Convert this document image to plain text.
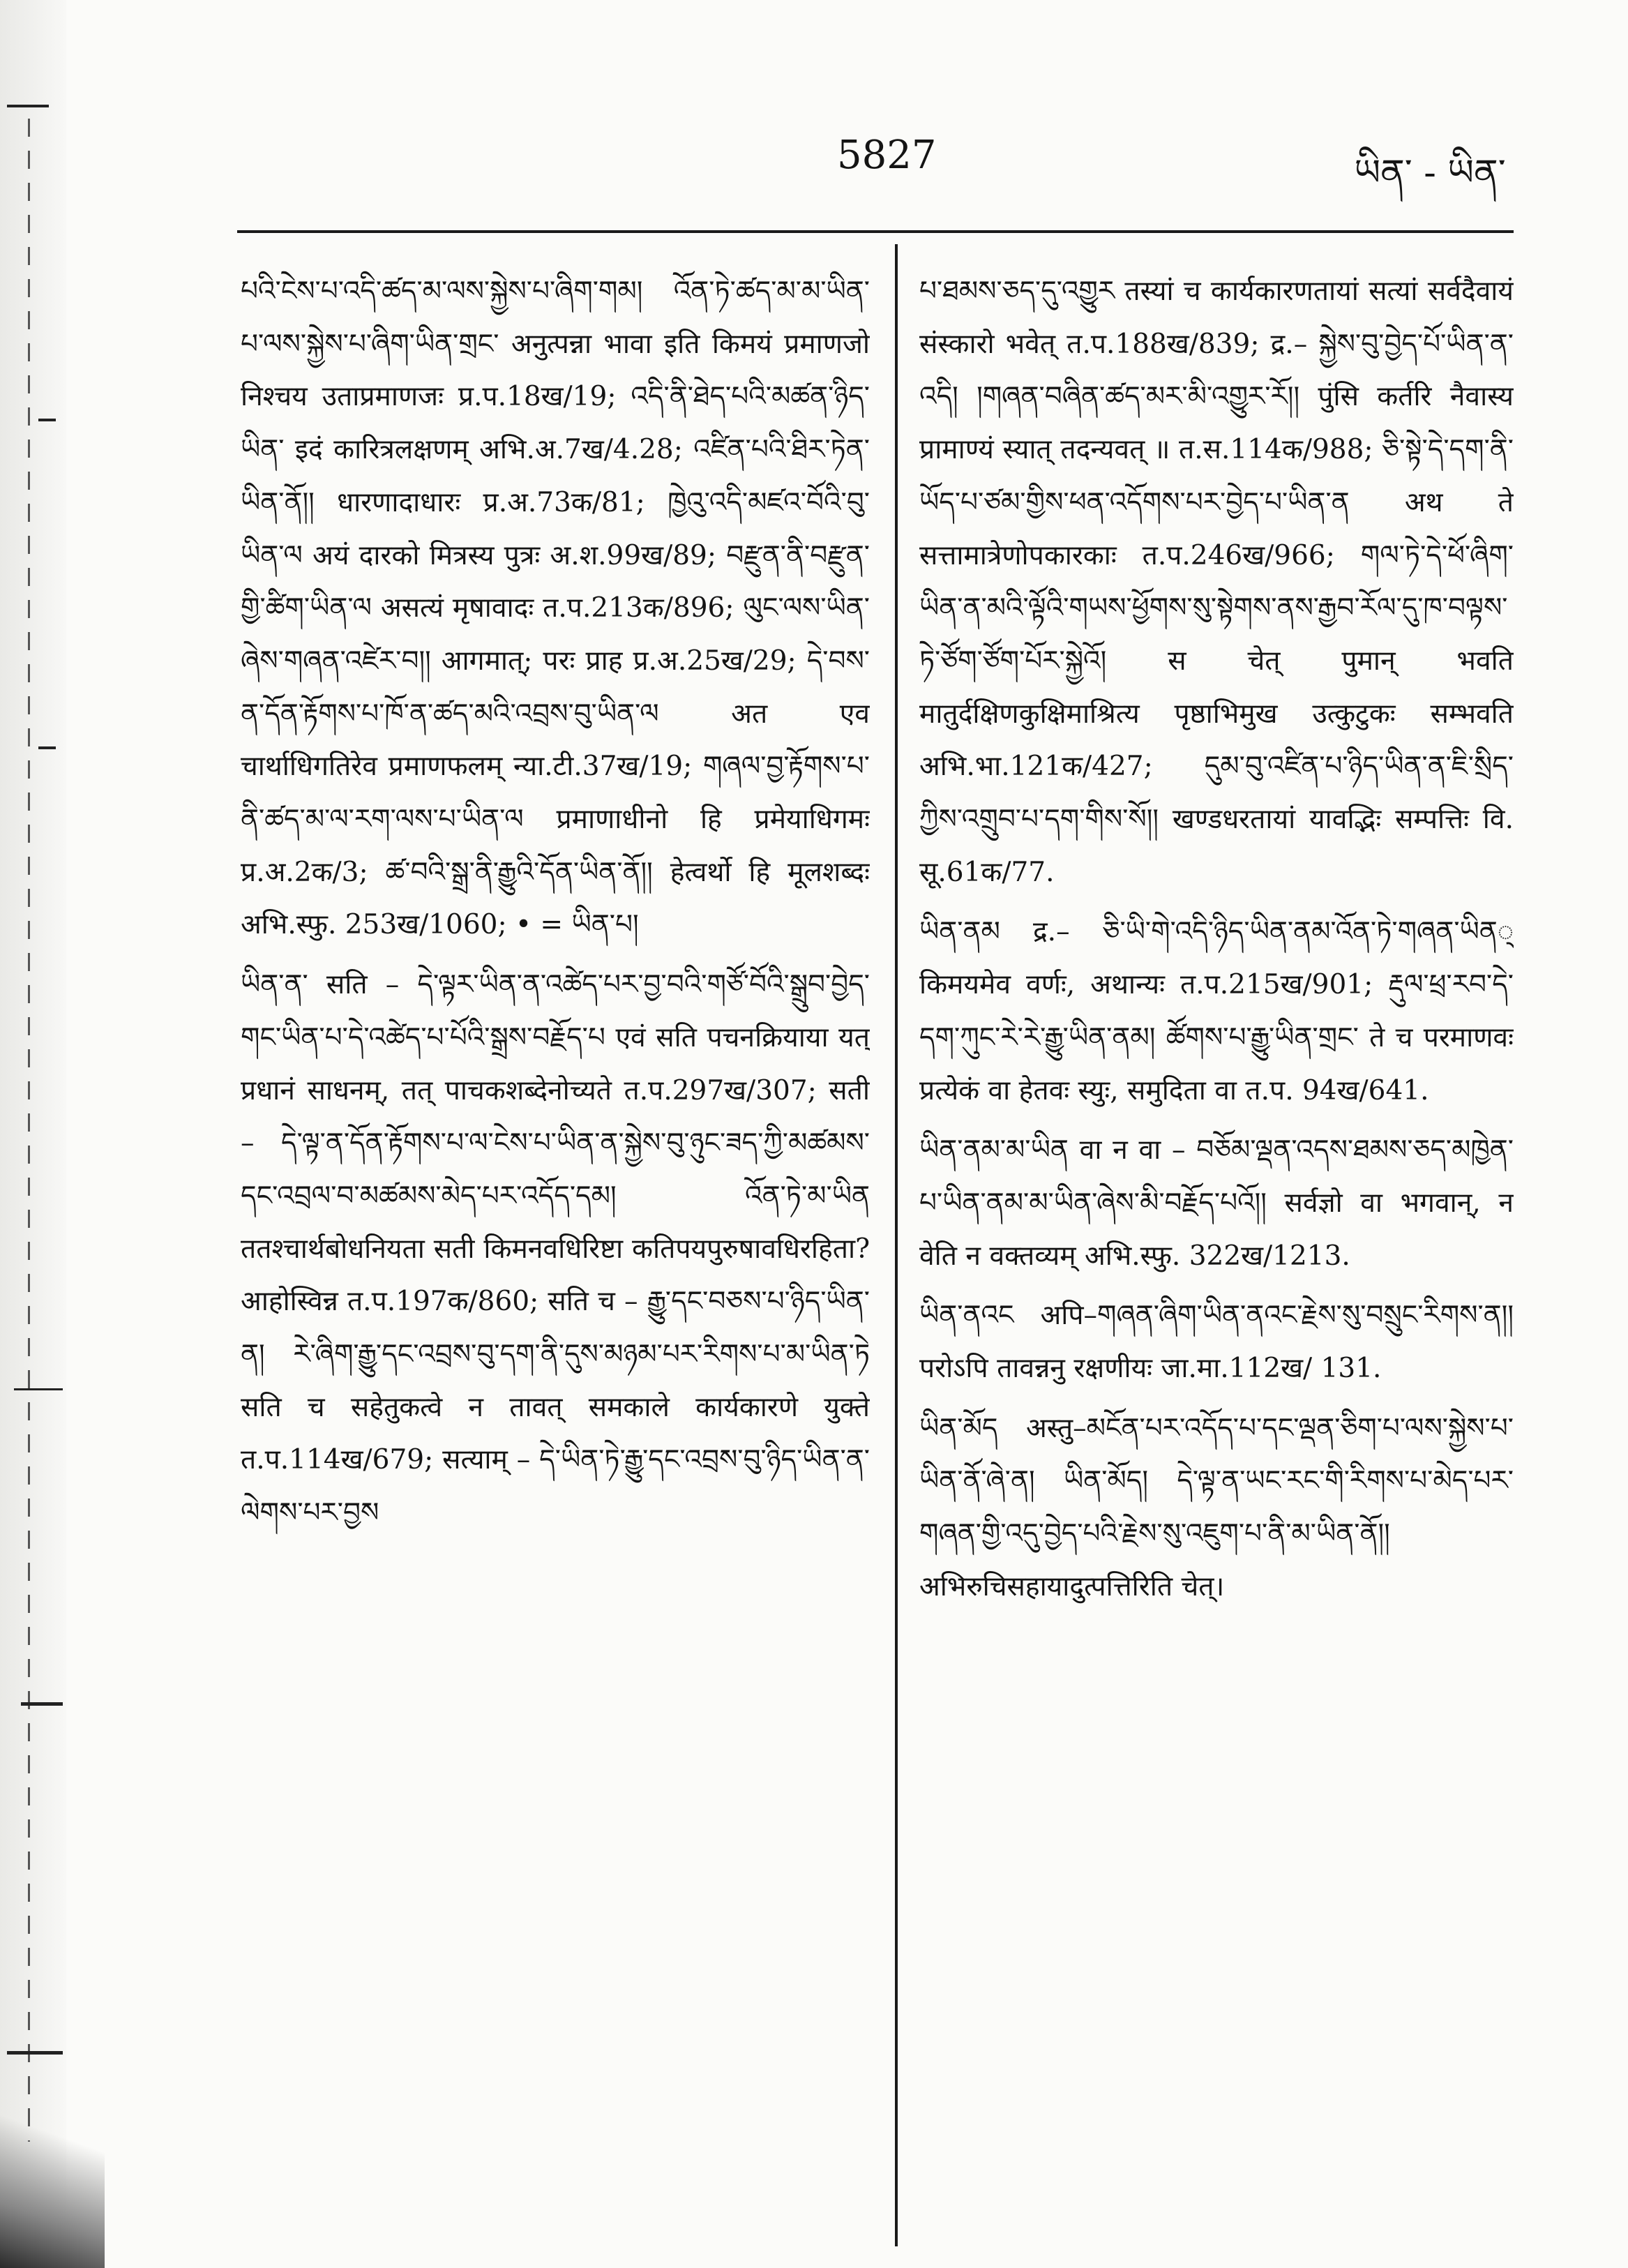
5827	ཡིན་ - ཡིན་

པའི་ངེས་པ་འདི་ཚད་མ་ལས་སྐྱེས་པ་ཞིག་གམ། འོན་ཏེ་ཚད་མ་མ་ཡིན་པ་ལས་སྐྱེས་པ་ཞིག་ཡིན་གྲང་ अनुत्पन्ना भावा इति किमयं प्रमाणजो निश्चय उताप्रमाणजः प्र.प.18ख/19; འདི་ནི་ཐེད་པའི་མཚན་ཉིད་ཡིན་ इदं कारित्रलक्षणम् अभि.अ.7ख/4.28; འཛིན་པའི་ཐིར་ཏེན་ཡིན་ནོ།། धारणादाधारः प्र.अ.73क/81; ཁྱེའུ་འདི་མཛའ་བོའི་བུ་ཡིན་ལ अयं दारको मित्रस्य पुत्रः अ.श.99ख/89; བརྫུན་ནི་བརྫུན་གྱི་ཚིག་ཡིན་ལ असत्यं मृषावादः त.प.213क/896; ལུང་ལས་ཡིན་ཞེས་གཞན་འཛེར་བ།། आगमात्; परः प्राह प्र.अ.25ख/29; དེ་བས་ན་དོན་རྟོགས་པ་ཁོ་ན་ཚད་མའི་འབྲས་བུ་ཡིན་ལ अत एव चार्थाधिगतिरेव प्रमाणफलम् न्या.टी.37ख/19; གཞལ་བྱ་རྟོགས་པ་ནི་ཚད་མ་ལ་རག་ལས་པ་ཡིན་ལ प्रमाणाधीनो हि प्रमेयाधिगमः प्र.अ.2क/3; ཚ་བའི་སྒྲ་ནི་རྒྱུའི་དོན་ཡིན་ནོ།། हेत्वर्थो हि मूलशब्दः अभि.स्फु. 253ख/1060; • = ཡིན་པ།

ཡིན་ན་ सति – དེ་ལྟར་ཡིན་ན་འཚེད་པར་བྱ་བའི་གཙོ་བོའི་སྒྲུབ་བྱེད་གང་ཡིན་པ་དེ་འཚེད་པ་པོའི་སྒྲས་བརྗོད་པ एवं सति पचनक्रियाया यत् प्रधानं साधनम्, तत् पाचकशब्देनोच्यते त.प.297ख/307; सती – དེ་ལྟ་ན་དོན་རྟོགས་པ་ལ་ངེས་པ་ཡིན་ན་སྐྱེས་བུ་ཉུང་ཟད་ཀྱི་མཚམས་དང་འབྲལ་བ་མཚམས་མེད་པར་འདོད་དམ། འོན་ཏེ་མ་ཡིན ततश्चार्थबोधनियता सती किमनवधिरिष्टा कतिपयपुरुषावधिरहिता? आहोस्विन्न त.प.197क/860; सति च – རྒྱུ་དང་བཅས་པ་ཉིད་ཡིན་ན། རེ་ཞིག་རྒྱུ་དང་འབྲས་བུ་དག་ནི་དུས་མཉམ་པར་རིགས་པ་མ་ཡིན་ཏེ सति च सहेतुकत्वे न तावत् समकाले कार्यकारणे युक्ते त.प.114ख/679; सत्याम् – དེ་ཡིན་ཏེ་རྒྱུ་དང་འབྲས་བུ་ཉིད་ཡིན་ན་ལེགས་པར་བྱས

པ་ཐམས་ཅད་དུ་འགྱུར तस्यां च कार्यकारणतायां सत्यां सर्वदैवायं संस्कारो भवेत् त.प.188ख/839; द्र.– སྐྱེས་བུ་བྱེད་པོ་ཡིན་ན་འདི། །གཞན་བཞིན་ཚད་མར་མི་འགྱུར་རོ།། पुंसि कर्तरि नैवास्य प्रामाण्यं स्यात् तदन्यवत् ॥ त.स.114क/988; ཅི་སྟེ་དེ་དག་ནི་ཡོད་པ་ཙམ་གྱིས་ཕན་འདོགས་པར་བྱེད་པ་ཡིན་ན अथ ते सत्तामात्रेणोपकारकाः त.प.246ख/966; གལ་ཏེ་དེ་ཕོ་ཞིག་ཡིན་ན་མའི་ལྟོའི་གཡས་ཕྱོགས་སུ་སྟེགས་ནས་རྒྱབ་རོལ་དུ་ཁ་བལྟས་ཏེ་ཙོག་ཙོག་པོར་སྐྱེའོ། स चेत् पुमान् भवति मातुर्दक्षिणकुक्षिमाश्रित्य पृष्ठाभिमुख उत्कुटुकः सम्भवति अभि.भा.121क/427; དུམ་བུ་འཛིན་པ་ཉིད་ཡིན་ན་ཇི་སྲིད་ཀྱིས་འགྲུབ་པ་དག་གིས་སོ།། खण्डधरतायां यावद्भिः सम्पत्तिः वि. सू.61क/77.

ཡིན་ནམ द्र.– ཅི་ཡི་གེ་འདི་ཉིད་ཡིན་ནམ་འོན་ཏེ་གཞན་ཡིན् किमयमेव वर्णः, अथान्यः त.प.215ख/901; རྡུལ་ཕྲ་རབ་དེ་དག་ཀུང་རེ་རེ་རྒྱུ་ཡིན་ནམ། ཚོགས་པ་རྒྱུ་ཡིན་གྲང་ ते च परमाणवः प्रत्येकं वा हेतवः स्युः, समुदिता वा त.प. 94ख/641.

ཡིན་ནམ་མ་ཡིན वा न वा – བཅོམ་ལྡན་འདས་ཐམས་ཅད་མཁྱེན་པ་ཡིན་ནམ་མ་ཡིན་ཞེས་མི་བརྗོད་པའོ།། सर्वज्ञो वा भगवान्, न वेति न वक्तव्यम् अभि.स्फु. 322ख/1213.

ཡིན་ནའང अपि–གཞན་ཞིག་ཡིན་ནའང་རྗེས་སུ་བསྲུང་རིགས་ན།། परोऽपि तावन्ननु रक्षणीयः जा.मा.112ख/ 131.

ཡིན་མོད अस्तु–མངོན་པར་འདོད་པ་དང་ལྡན་ཅིག་པ་ལས་སྐྱེས་པ་ཡིན་ནོ་ཞེ་ན། ཡིན་མོད། དེ་ལྟ་ན་ཡང་རང་གི་རིགས་པ་མེད་པར་གཞན་གྱི་འདུ་བྱེད་པའི་རྗེས་སུ་འཇུག་པ་ནི་མ་ཡིན་ནོ།། अभिरुचिसहायादुत्पत्तिरिति चेत्।
